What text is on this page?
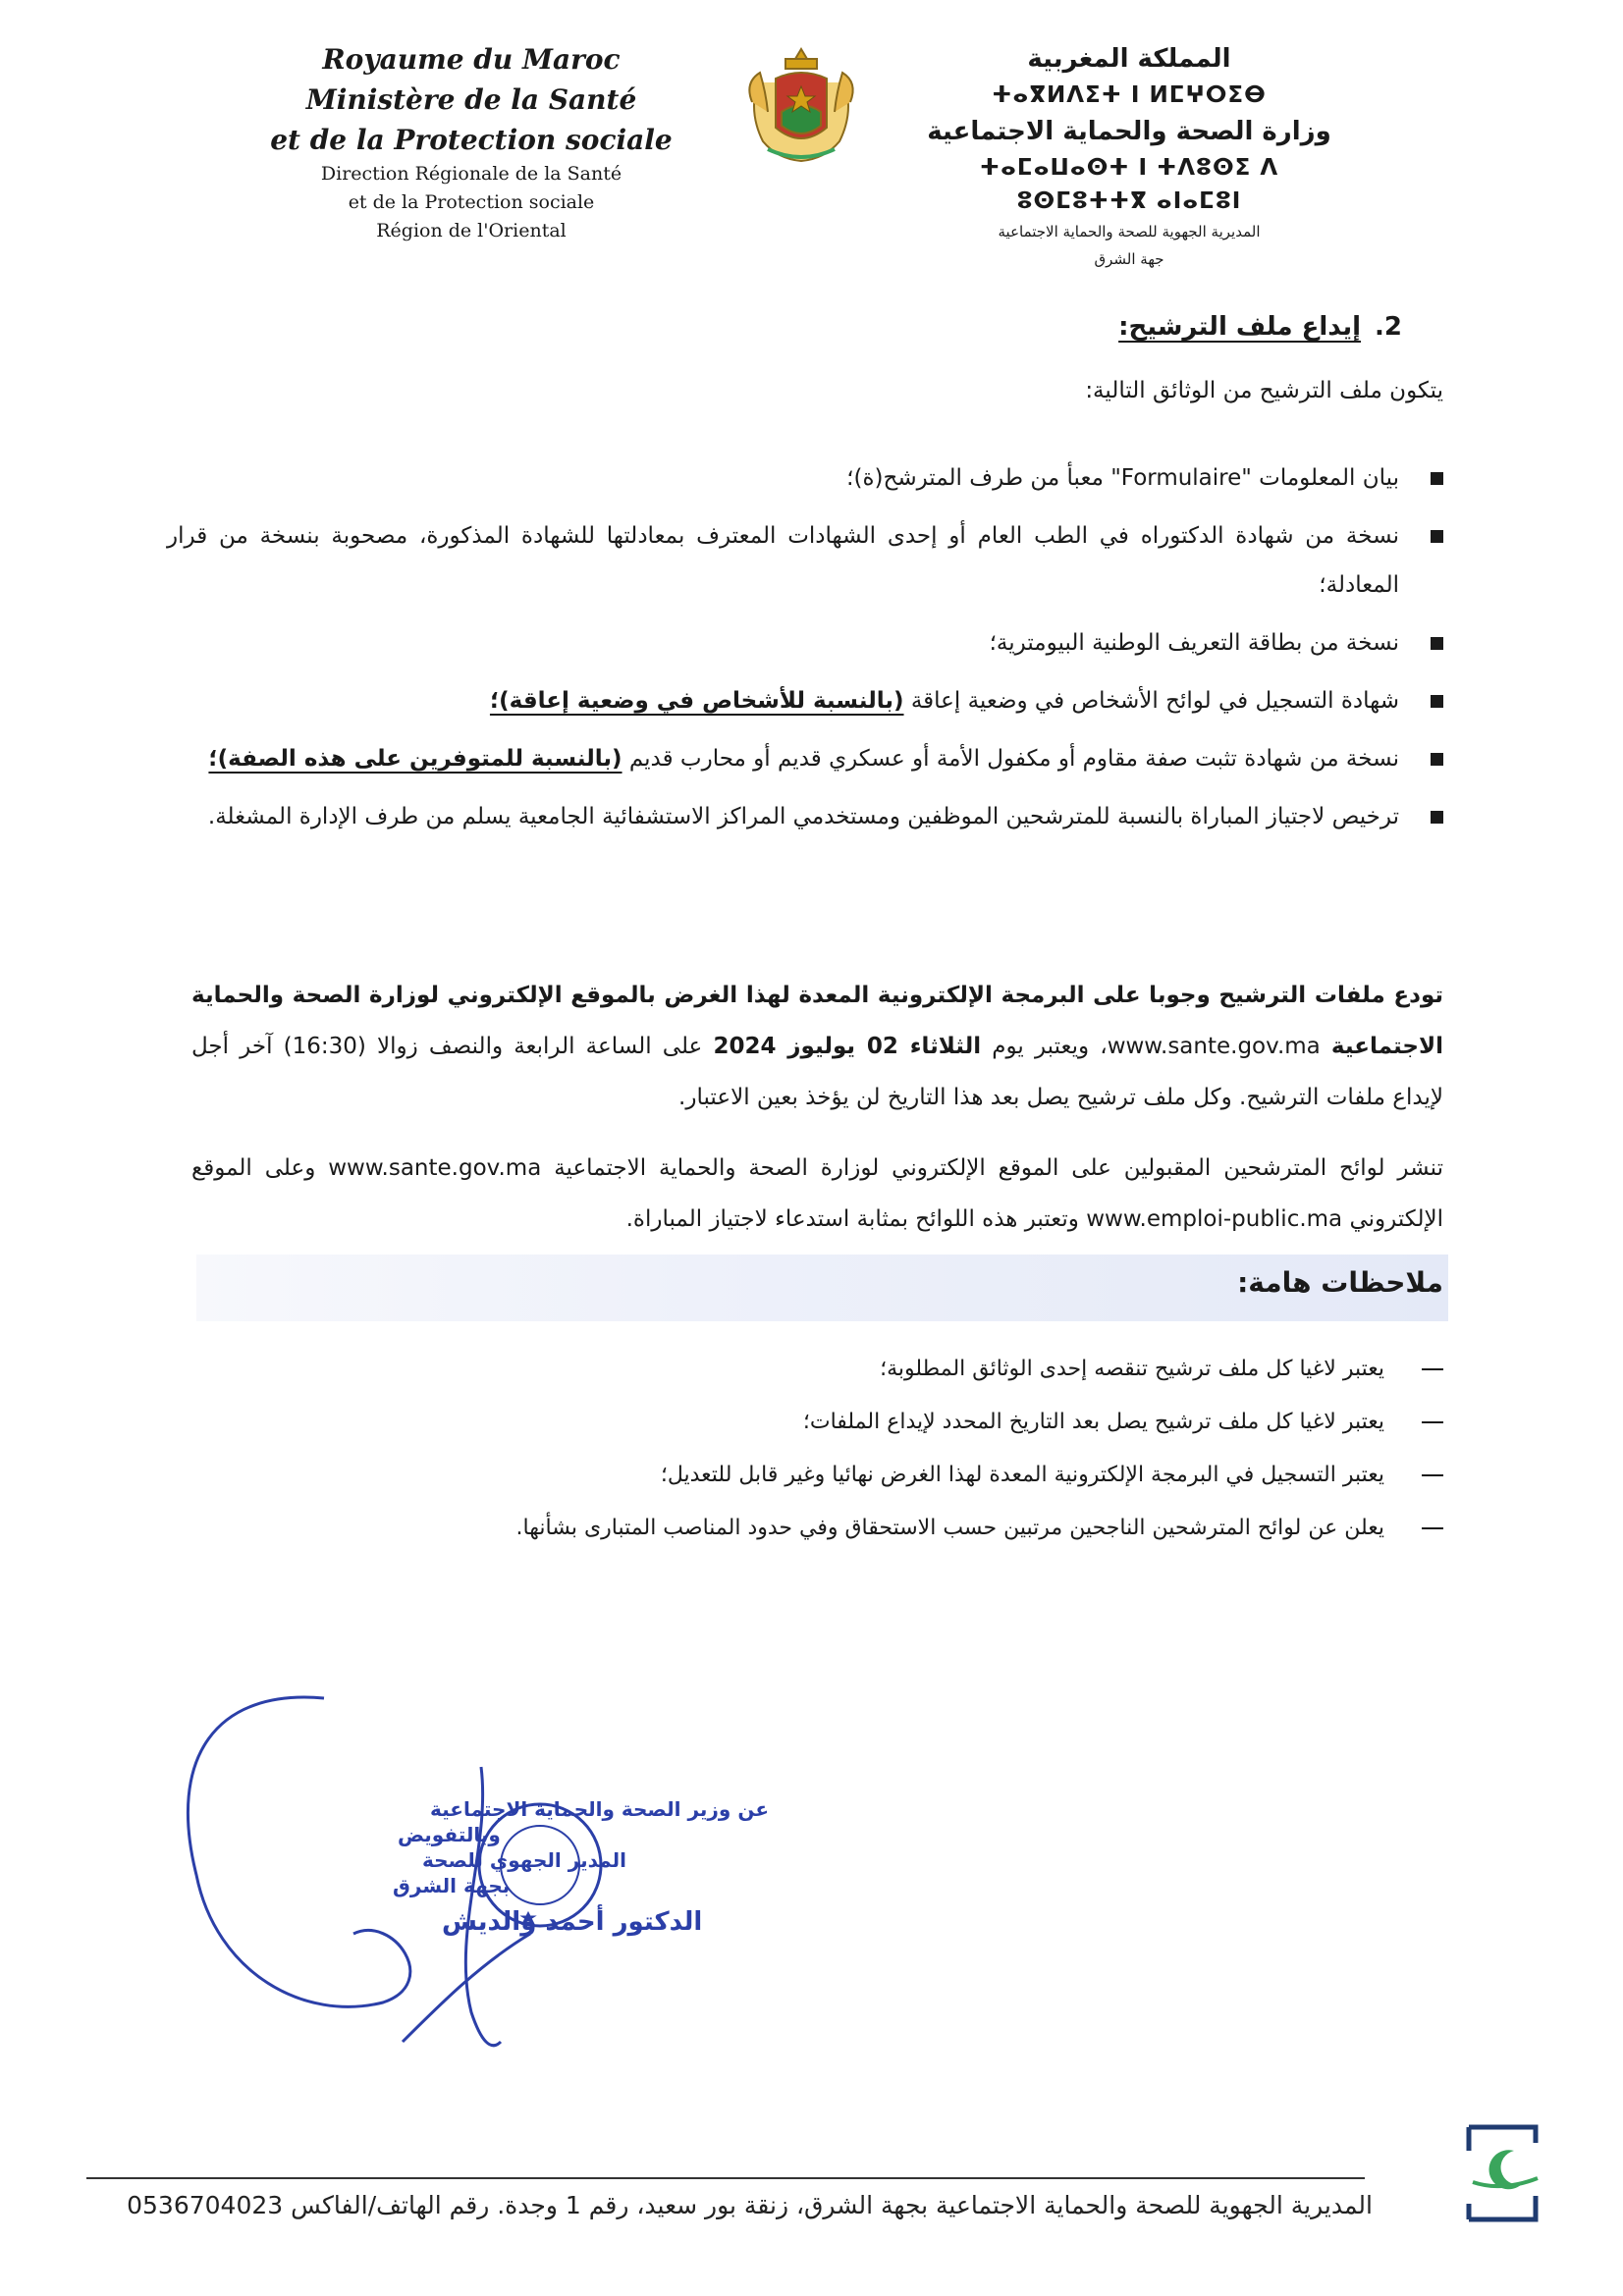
Royaume du Maroc
Ministère de la Santé
et de la Protection sociale
Direction Régionale de la Santé
et de la Protection sociale
Région de l'Oriental
المملكة المغربية
ⵜⴰⴳⵍⴷⵉⵜ ⵏ ⵍⵎⵖⵔⵉⴱ
وزارة الصحة والحماية الاجتماعية
ⵜⴰⵎⴰⵡⴰⵙⵜ ⵏ ⵜⴷⵓⵙⵉ ⴷ ⵓⵙⵎⵓⵜⵜⴳ ⴰⵏⴰⵎⵓⵏ
المديرية الجهوية للصحة والحماية الاجتماعية
جهة الشرق
2.إيداع ملف الترشيح:
يتكون ملف الترشيح من الوثائق التالية:
بيان المعلومات "Formulaire" معبأ من طرف المترشح(ة)؛
نسخة من شهادة الدكتوراه في الطب العام أو إحدى الشهادات المعترف بمعادلتها للشهادة المذكورة، مصحوبة بنسخة من قرار المعادلة؛
نسخة من بطاقة التعريف الوطنية البيومترية؛
شهادة التسجيل في لوائح الأشخاص في وضعية إعاقة (بالنسبة للأشخاص في وضعية إعاقة)؛
نسخة من شهادة تثبت صفة مقاوم أو مكفول الأمة أو عسكري قديم أو محارب قديم (بالنسبة للمتوفرين على هذه الصفة)؛
ترخيص لاجتياز المباراة بالنسبة للمترشحين الموظفين ومستخدمي المراكز الاستشفائية الجامعية يسلم من طرف الإدارة المشغلة.
تودع ملفات الترشيح وجوبا على البرمجة الإلكترونية المعدة لهذا الغرض بالموقع الإلكتروني لوزارة الصحة والحماية الاجتماعية www.sante.gov.ma، ويعتبر يوم الثلاثاء 02 يوليوز 2024 على الساعة الرابعة والنصف زوالا (16:30) آخر أجل لإيداع ملفات الترشيح. وكل ملف ترشيح يصل بعد هذا التاريخ لن يؤخذ بعين الاعتبار.
تنشر لوائح المترشحين المقبولين على الموقع الإلكتروني لوزارة الصحة والحماية الاجتماعية www.sante.gov.ma وعلى الموقع الإلكتروني www.emploi-public.ma وتعتبر هذه اللوائح بمثابة استدعاء لاجتياز المباراة.
ملاحظات هامة:
يعتبر لاغيا كل ملف ترشيح تنقصه إحدى الوثائق المطلوبة؛
يعتبر لاغيا كل ملف ترشيح يصل بعد التاريخ المحدد لإيداع الملفات؛
يعتبر التسجيل في البرمجة الإلكترونية المعدة لهذا الغرض نهائيا وغير قابل للتعديل؛
يعلن عن لوائح المترشحين الناجحين مرتبين حسب الاستحقاق وفي حدود المناصب المتبارى بشأنها.
عن وزير الصحة والحماية الاجتماعية
وبالتفويض
المدير الجهوي للصحة
بجهة الشرق
الدكتور أحمد والديش
المديرية الجهوية للصحة والحماية الاجتماعية بجهة الشرق، زنقة بور سعيد، رقم 1 وجدة. رقم الهاتف/الفاكس 0536704023
